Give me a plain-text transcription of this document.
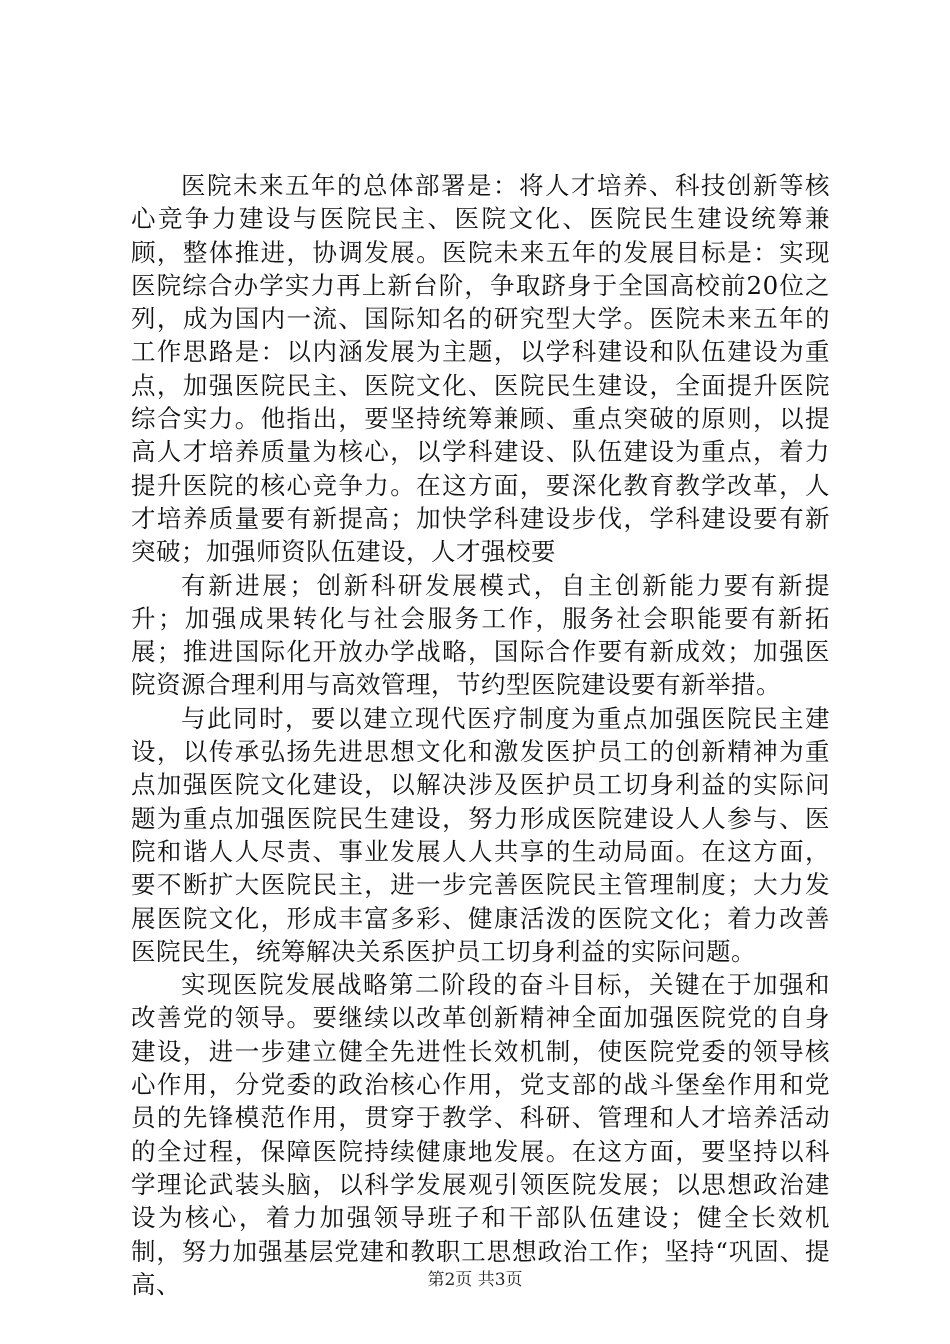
医院未来五年的总体部署是：将人才培养、科技创新等核心竞争力建设与医院民主、医院文化、医院民生建设统筹兼顾，整体推进，协调发展。医院未来五年的发展目标是：实现医院综合办学实力再上新台阶，争取跻身于全国高校前20位之列，成为国内一流、国际知名的研究型大学。医院未来五年的工作思路是：以内涵发展为主题，以学科建设和队伍建设为重点，加强医院民主、医院文化、医院民生建设，全面提升医院综合实力。他指出，要坚持统筹兼顾、重点突破的原则，以提高人才培养质量为核心，以学科建设、队伍建设为重点，着力提升医院的核心竞争力。在这方面，要深化教育教学改革，人才培养质量要有新提高；加快学科建设步伐，学科建设要有新突破；加强师资队伍建设，人才强校要

有新进展；创新科研发展模式，自主创新能力要有新提升；加强成果转化与社会服务工作，服务社会职能要有新拓展；推进国际化开放办学战略，国际合作要有新成效；加强医院资源合理利用与高效管理，节约型医院建设要有新举措。

与此同时，要以建立现代医疗制度为重点加强医院民主建设，以传承弘扬先进思想文化和激发医护员工的创新精神为重点加强医院文化建设，以解决涉及医护员工切身利益的实际问题为重点加强医院民生建设，努力形成医院建设人人参与、医院和谐人人尽责、事业发展人人共享的生动局面。在这方面，要不断扩大医院民主，进一步完善医院民主管理制度；大力发展医院文化，形成丰富多彩、健康活泼的医院文化；着力改善医院民生，统筹解决关系医护员工切身利益的实际问题。

实现医院发展战略第二阶段的奋斗目标，关键在于加强和改善党的领导。要继续以改革创新精神全面加强医院党的自身建设，进一步建立健全先进性长效机制，使医院党委的领导核心作用，分党委的政治核心作用，党支部的战斗堡垒作用和党员的先锋模范作用，贯穿于教学、科研、管理和人才培养活动的全过程，保障医院持续健康地发展。在这方面，要坚持以科学理论武装头脑，以科学发展观引领医院发展；以思想政治建设为核心，着力加强领导班子和干部队伍建设；健全长效机制，努力加强基层党建和教职工思想政治工作；坚持“巩固、提高、	第2页 共3页
